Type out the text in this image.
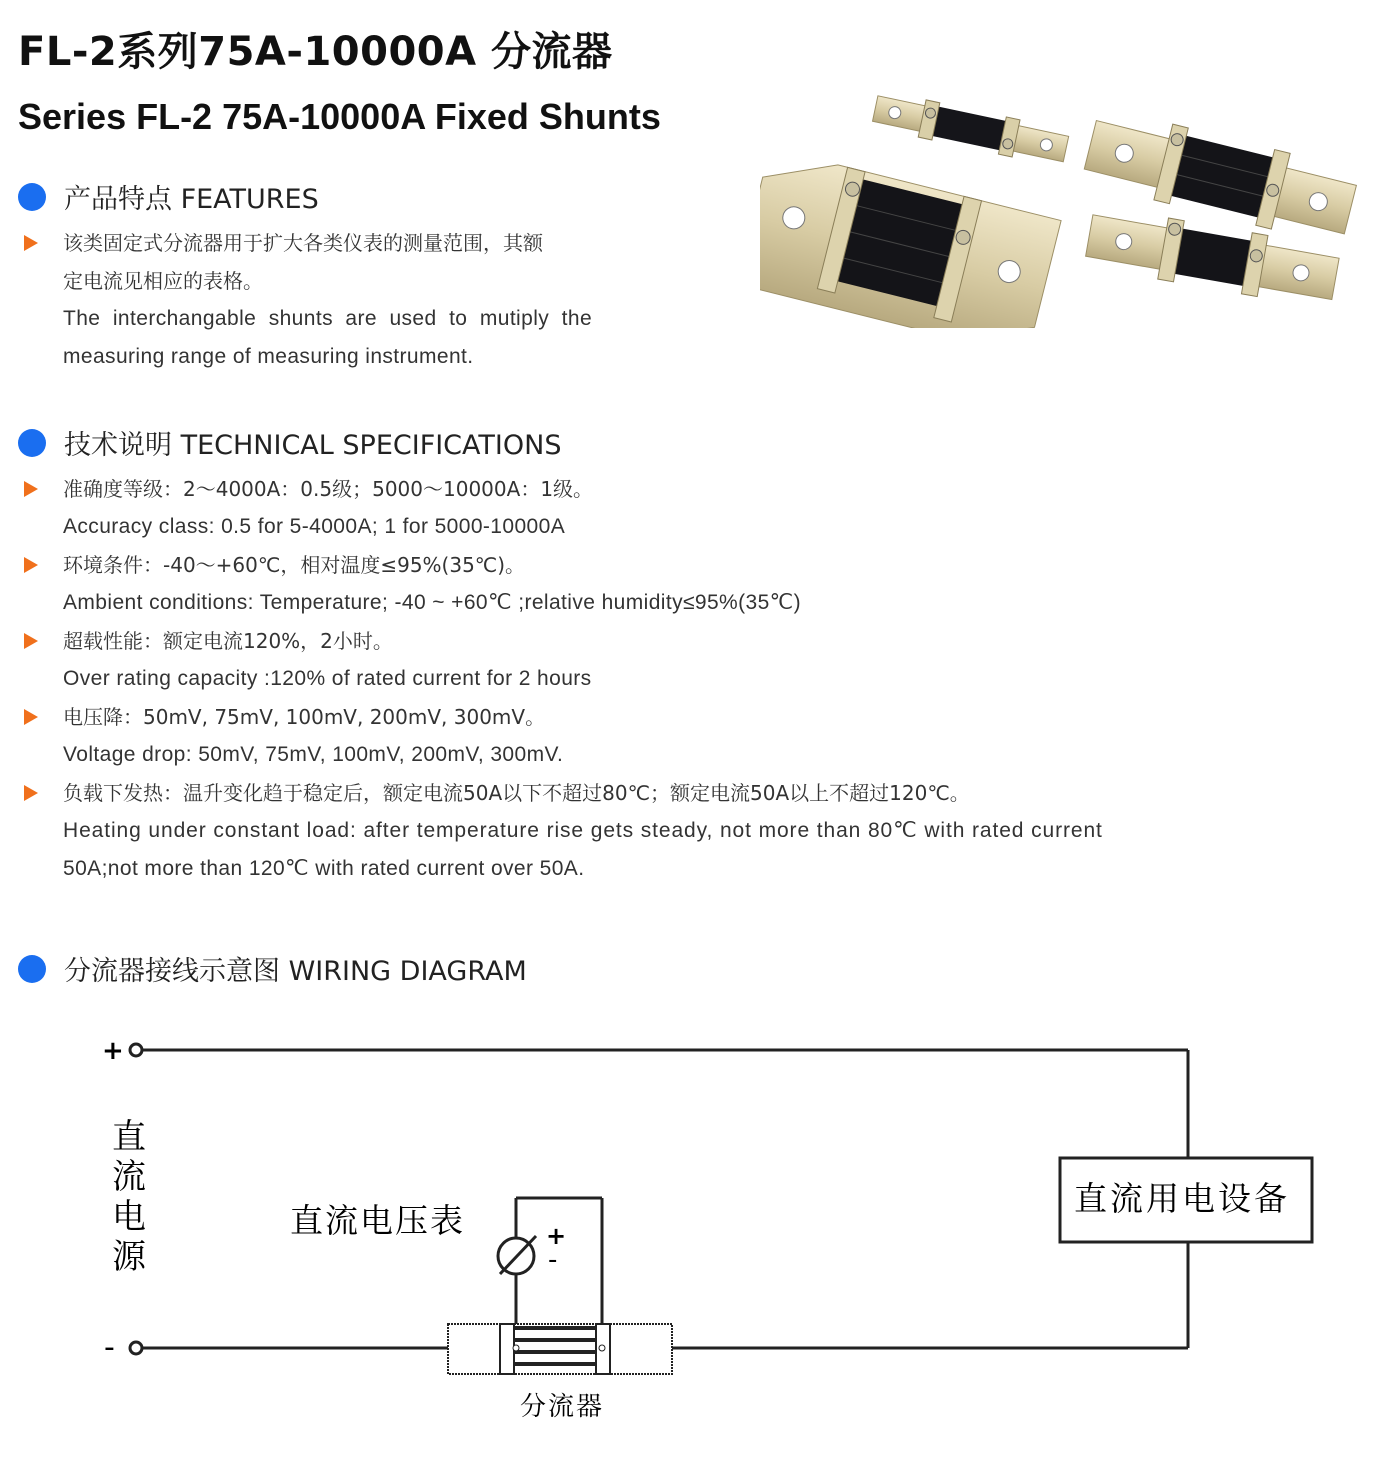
FL-2系列75A-10000A 分流器
Series FL-2 75A-10000A Fixed Shunts
产品特点 FEATURES
该类固定式分流器用于扩大各类仪表的测量范围，其额
定电流见相应的表格。
The  interchangable  shunts  are  used  to  mutiply  the
measuring range of measuring instrument.
技术说明 TECHNICAL SPECIFICATIONS
准确度等级：2～4000A：0.5级；5000～10000A：1级。
Accuracy class: 0.5 for 5-4000A; 1 for 5000-10000A
环境条件：-40～+60℃，相对温度≤95%(35℃)。
Ambient conditions: Temperature; -40 ~ +60℃ ;relative humidity≤95%(35℃)
超载性能：额定电流120%，2小时。
Over rating capacity :120% of rated current for 2 hours
电压降：50mV, 75mV, 100mV, 200mV, 300mV。
Voltage drop: 50mV, 75mV, 100mV, 200mV, 300mV.
负载下发热：温升变化趋于稳定后，额定电流50A以下不超过80℃；额定电流50A以上不超过120℃。
Heating under constant load: after temperature rise gets steady, not more than 80℃ with rated current
50A;not more than 120℃ with rated current over 50A.
分流器接线示意图 WIRING DIAGRAM
+
-
直
流
电
源
直流用电设备
直流电压表	+
-
分流器
